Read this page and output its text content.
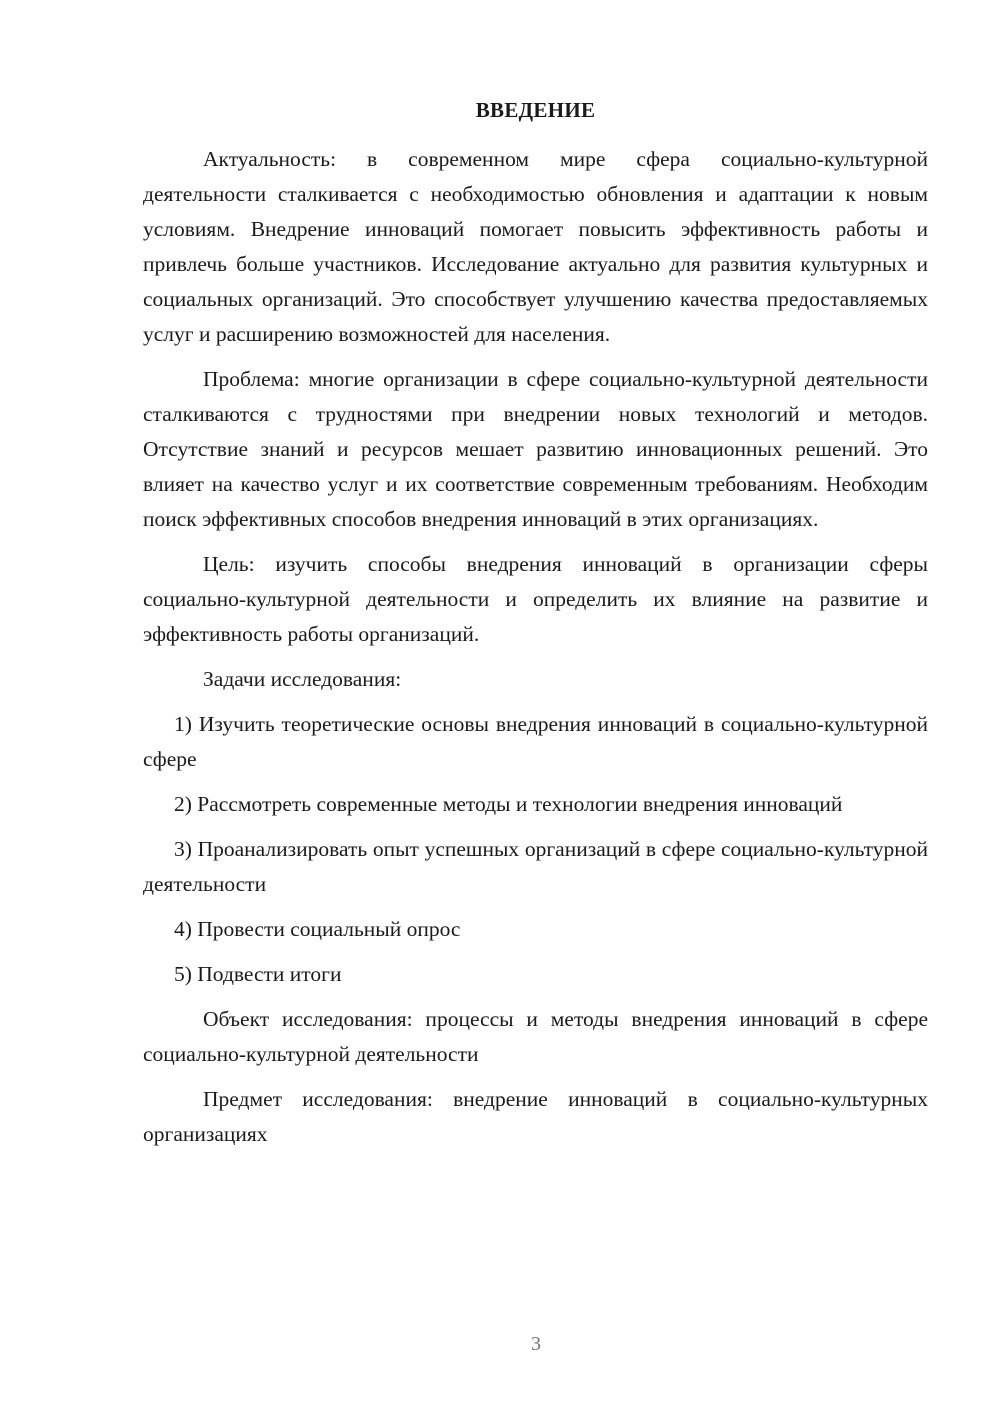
ВВЕДЕНИЕ

Актуальность: в современном мире сфера социально-культурной деятельности сталкивается с необходимостью обновления и адаптации к новым условиям. Внедрение инноваций помогает повысить эффективность работы и привлечь больше участников. Исследование актуально для развития культурных и социальных организаций. Это способствует улучшению качества предоставляемых услуг и расширению возможностей для населения.

Проблема: многие организации в сфере социально-культурной деятельности сталкиваются с трудностями при внедрении новых технологий и методов. Отсутствие знаний и ресурсов мешает развитию инновационных решений. Это влияет на качество услуг и их соответствие современным требованиям. Необходим поиск эффективных способов внедрения инноваций в этих организациях.

Цель: изучить способы внедрения инноваций в организации сферы социально-культурной деятельности и определить их влияние на развитие и эффективность работы организаций.

Задачи исследования:

1) Изучить теоретические основы внедрения инноваций в социально-культурной сфере

2) Рассмотреть современные методы и технологии внедрения инноваций

3) Проанализировать опыт успешных организаций в сфере социально-культурной деятельности

4) Провести социальный опрос

5) Подвести итоги

Объект исследования: процессы и методы внедрения инноваций в сфере социально-культурной деятельности

Предмет исследования: внедрение инноваций в социально-культурных организациях

3
